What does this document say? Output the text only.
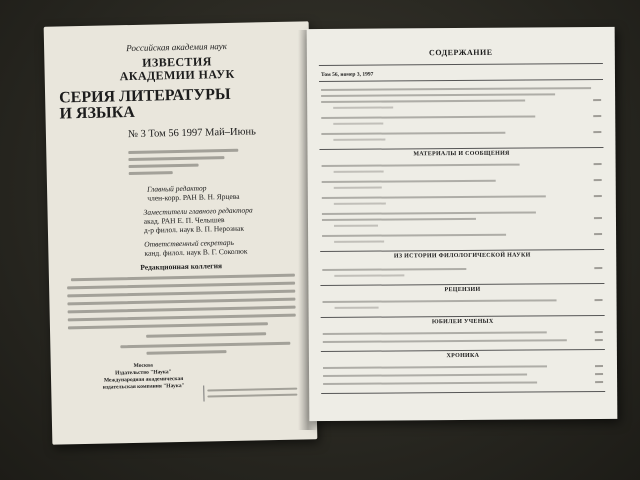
Российская академия наук
ИЗВЕСТИЯ
АКАДЕМИИ НАУК
СЕРИЯ ЛИТЕРАТУРЫ
И ЯЗЫКА
№ 3 Том 56 1997 Май–Июнь
Главный редактор
член-корр. РАН В. Н. Ярцева
Заместители главного редактора
акад. РАН Е. П. Челышев
д-р филол. наук В. П. Нерознак
Ответственный секретарь
канд. филол. наук В. Г. Соколюк
Редакционная коллегия
Москва
Издательство "Наука"
Международная академическая
издательская компания "Наука"
СОДЕРЖАНИЕ
Том 56, номер 3, 1997
МАТЕРИАЛЫ И СООБЩЕНИЯ
ИЗ ИСТОРИИ ФИЛОЛОГИЧЕСКОЙ НАУКИ
РЕЦЕНЗИИ
ЮБИЛЕИ УЧЕНЫХ
ХРОНИКА
